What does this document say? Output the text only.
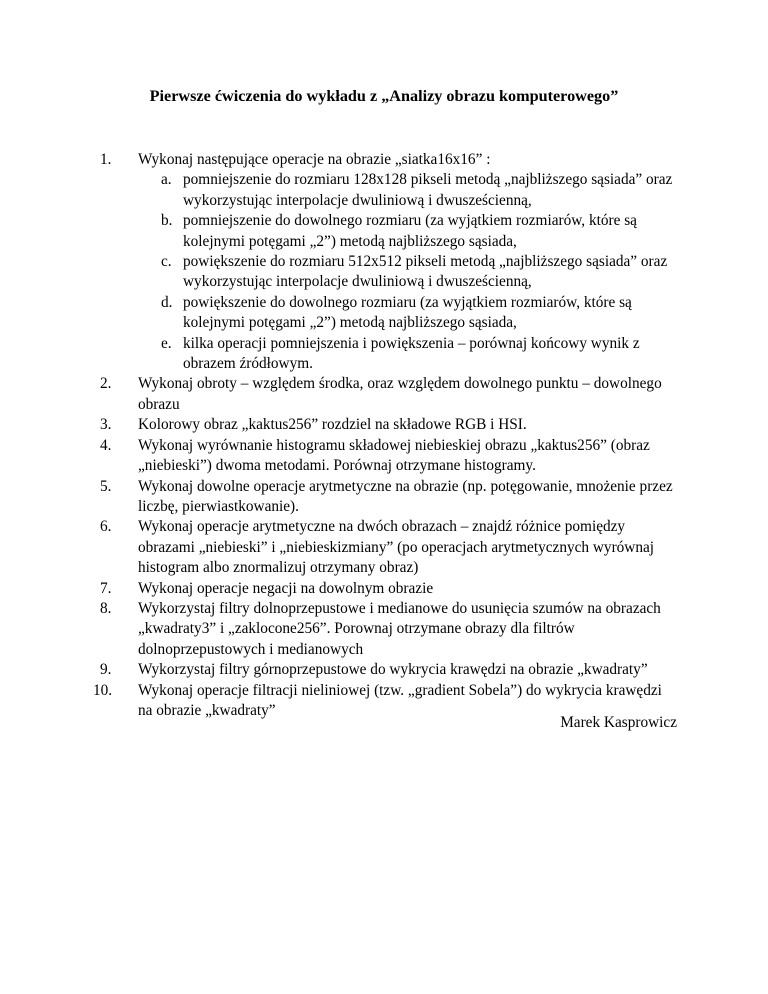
Pierwsze ćwiczenia do wykładu z „Analizy obrazu komputerowego”
1.	Wykonaj następujące operacje na obrazie „siatka16x16” :
a. pomniejszenie do rozmiaru 128x128 pikseli metodą „najbliższego sąsiada” oraz wykorzystując interpolacje dwuliniową i dwusześcienną,
b. pomniejszenie do dowolnego rozmiaru (za wyjątkiem rozmiarów, które są kolejnymi potęgami „2”) metodą najbliższego sąsiada,
c. powiększenie do rozmiaru 512x512 pikseli metodą „najbliższego sąsiada” oraz wykorzystując interpolacje dwuliniową i dwusześcienną,
d. powiększenie do dowolnego rozmiaru (za wyjątkiem rozmiarów, które są kolejnymi potęgami „2”) metodą najbliższego sąsiada,
e. kilka operacji pomniejszenia i powiększenia – porównaj końcowy wynik z obrazem źródłowym.
2.	Wykonaj obroty – względem środka, oraz względem dowolnego punktu – dowolnego obrazu
3.	Kolorowy obraz „kaktus256” rozdziel na składowe RGB i HSI.
4.	Wykonaj wyrównanie histogramu składowej niebieskiej obrazu „kaktus256” (obraz „niebieski”) dwoma metodami. Porównaj otrzymane histogramy.
5.	Wykonaj dowolne operacje arytmetyczne na obrazie (np. potęgowanie, mnożenie przez liczbę, pierwiastkowanie).
6.	Wykonaj operacje arytmetyczne na dwóch obrazach – znajdź różnice pomiędzy obrazami „niebieski” i „niebieskizmiany” (po operacjach arytmetycznych wyrównaj histogram albo znormalizuj otrzymany obraz)
7.	Wykonaj operacje negacji na dowolnym obrazie
8.	Wykorzystaj filtry dolnoprzepustowe i medianowe do usunięcia szumów na obrazach „kwadraty3” i „zaklocone256”. Porownaj otrzymane obrazy dla filtrów dolnoprzepustowych i medianowych
9.	Wykorzystaj filtry górnoprzepustowe do wykrycia krawędzi na obrazie „kwadraty”
10.	Wykonaj operacje filtracji nieliniowej (tzw. „gradient Sobela”) do wykrycia krawędzi na obrazie „kwadraty”
Marek Kasprowicz
